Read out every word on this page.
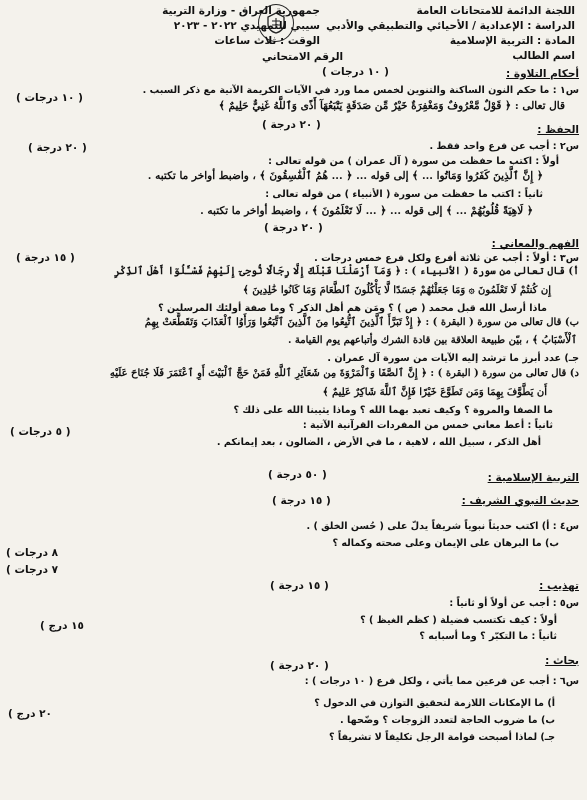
اللجنة الدائمة للامتحانات العامة
الدراسة : الإعدادية / الأحيائي والتطبيقي والأدبي
المادة : التربية الإسلامية
اسم الطالب
جمهورية العراق - وزارة التربية
سيبي للتمهيدي ٢٠٢٢ - ٢٠٢٣
الوقت : ثلاث ساعات
الرقم الامتحاني
أحكام التلاوة :
( ١٠ درجات )
س١ : ما حكم النون الساكنة والتنوين لخمس مما ورد في الآيات الكريمة الآتية مع ذكر السبب .
( ١٠ درجات )
قال تعالى : ﴿ قَوْلٌ مَّعْرُوفٌ وَمَغْفِرَةٌ خَيْرٌ مِّن صَدَقَةٍ يَتْبَعُهَآ أَذًى وَٱللَّهُ غَنِيٌّ حَلِيمٌ ﴾
( ٢٠ درجة )	الحفظ :
س٢ : أجب عن فرع واحد فقط .
( ٢٠ درجة )
أولاً : اكتب ما حفظت من سورة ( آل عمران ) من قوله تعالى :
﴿ إِنَّ ٱلَّذِينَ كَفَرُوا وَمَاتُوا ... ﴾ إلى قوله ... ﴿ ... هُمُ ٱلْفَٰسِقُونَ ﴾ ، واضبط أواخر ما تكتبه .
ثانياً : اكتب ما حفظت من سورة ( الأنبياء ) من قوله تعالى :
﴿ لَاهِيَةً قُلُوبُهُمْ ... ﴾ إلى قوله ... ﴿ ... لَا تَعْلَمُونَ ﴾ ، واضبط أواخر ما تكتبه .
( ٢٠ درجة )
الفهم والمعاني :
س٣ : أولاً : أجب عن ثلاثة أفرع ولكل فرع خمس درجات .
( ١٥ درجة )
أ) قال تعالى من سورة ( الأنبياء ) : ﴿ وَمَآ أَرْسَلْنَا قَبْلَكَ إِلَّا رِجَالًا نُّوحِىٓ إِلَيْهِمْ فَسْـَٔلُوٓا أَهْلَ ٱلذِّكْرِ
إِن كُنتُمْ لَا تَعْلَمُونَ ۞ وَمَا جَعَلْنَٰهُمْ جَسَدًا لَّا يَأْكُلُونَ ٱلطَّعَامَ وَمَا كَانُوا خَٰلِدِينَ ﴾
ماذا أرسل الله قبل محمد ( ص ) ؟ ومَن هم أهل الذكر ؟ وما صفة أولئك المرسلين ؟
ب) قال تعالى من سورة ( البقرة ) : ﴿ إِذْ تَبَرَّأَ ٱلَّذِينَ ٱتُّبِعُوا مِنَ ٱلَّذِينَ ٱتَّبَعُوا وَرَأَوُا ٱلْعَذَابَ وَتَقَطَّعَتْ بِهِمُ
ٱلْأَسْبَابُ ﴾ ، بيّن طبيعة العلاقة بين قادة الشرك وأتباعهم يوم القيامة .
جـ) عدد أبرز ما ترشد إليه الآيات من سورة آل عمران .
د) قال تعالى من سورة ( البقرة ) : ﴿ إِنَّ ٱلصَّفَا وَٱلْمَرْوَةَ مِن شَعَآئِرِ ٱللَّهِ فَمَنْ حَجَّ ٱلْبَيْتَ أَوِ ٱعْتَمَرَ فَلَا جُنَاحَ عَلَيْهِ
أَن يَطَّوَّفَ بِهِمَا وَمَن تَطَوَّعَ خَيْرًا فَإِنَّ ٱللَّهَ شَاكِرٌ عَلِيمٌ ﴾
ما الصفا والمروة ؟ وكيف تعبد بهما الله ؟ وماذا يثيبنا الله على ذلك ؟
ثانياً : أعط معاني خمس من المفردات القرآنية الآتية :
( ٥ درجات )
أهل الذكر ، سبيل الله ، لاهية ، ما في الأرض ، الضالون ، بعد إيمانكم .
( ٥٠ درجة )	التربية الإسلامية :
( ١٥ درجة )	حديث النبوي الشريف :
س٤ : أ) اكتب حديثاً نبوياً شريفاً يدلّ على ( حُسن الخلق ) .
ب) ما البرهان على الإيمان وعلى صحته وكماله ؟
( ٨ درجات
( ٧ درجات
تهذيب :
( ١٥ درجة )
س٥ : أجب عن أولاً أو ثانياً :
أولاً : كيف تكتسب فضيلة ( كظم الغيظ ) ؟
( ١٥ درج
ثانياً : ما التكبّر ؟ وما أسبابه ؟
بحاث :
( ٢٠ درجة )
س٦ : أجب عن فرعين مما يأتي ، ولكل فرع ( ١٠ درجات ) :
( ٢٠ درج
أ) ما الإمكانات اللازمة لتحقيق التوازن في الدخول ؟
ب) ما ضروب الحاجة لتعدد الزوجات ؟ وضّحها .
جـ) لماذا أصبحت قوامة الرجل تكليفاً لا تشريفاً ؟
